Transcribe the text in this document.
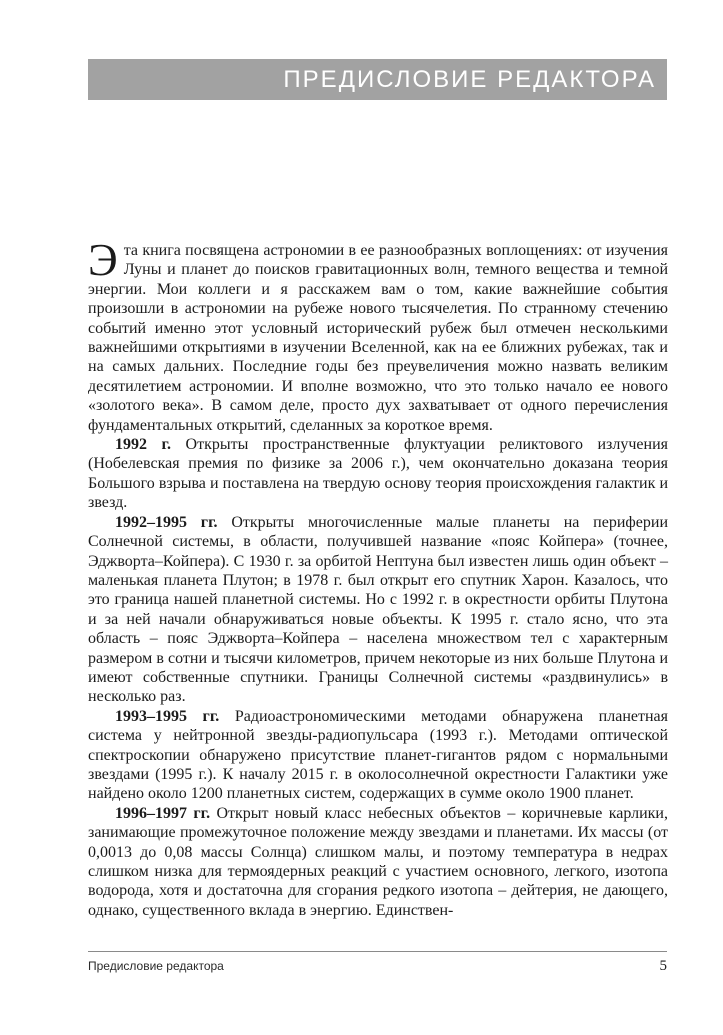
ПРЕДИСЛОВИЕ РЕДАКТОРА

Э та книга посвящена астрономии в ее разнообразных воплощениях: от изучения Луны и планет до поисков гравитационных волн, темного вещества и темной энергии. Мои коллеги и я расскажем вам о том, какие важнейшие события произошли в астрономии на рубеже нового тысячелетия. По странному стечению событий именно этот условный исторический рубеж был отмечен несколькими важнейшими открытиями в изучении Вселенной, как на ее ближних рубежах, так и на самых дальних. Последние годы без преувеличения можно назвать великим десятилетием астрономии. И вполне возможно, что это только начало ее нового «золотого века». В самом деле, просто дух захватывает от одного перечисления фундаментальных открытий, сделанных за короткое время.

1992 г. Открыты пространственные флуктуации реликтового излучения (Нобелевская премия по физике за 2006 г.), чем окончательно доказана теория Большого взрыва и поставлена на твердую основу теория происхождения галактик и звезд.

1992–1995 гг. Открыты многочисленные малые планеты на периферии Солнечной системы, в области, получившей название «пояс Койпера» (точнее, Эджворта–Койпера). С 1930 г. за орбитой Нептуна был известен лишь один объект – маленькая планета Плутон; в 1978 г. был открыт его спутник Харон. Казалось, что это граница нашей планетной системы. Но с 1992 г. в окрестности орбиты Плутона и за ней начали обнаруживаться новые объекты. К 1995 г. стало ясно, что эта область – пояс Эджворта–Койпера – населена множеством тел с характерным размером в сотни и тысячи километров, причем некоторые из них больше Плутона и имеют собственные спутники. Границы Солнечной системы «раздвинулись» в несколько раз.

1993–1995 гг. Радиоастрономическими методами обнаружена планетная система у нейтронной звезды-радиопульсара (1993 г.). Методами оптической спектроскопии обнаружено присутствие планет-гигантов рядом с нормальными звездами (1995 г.). К началу 2015 г. в околосолнечной окрестности Галактики уже найдено около 1200 планетных систем, содержащих в сумме около 1900 планет.

1996–1997 гг. Открыт новый класс небесных объектов – коричневые карлики, занимающие промежуточное положение между звездами и планетами. Их массы (от 0,0013 до 0,08 массы Солнца) слишком малы, и поэтому температура в недрах слишком низка для термоядерных реакций с участием основного, легкого, изотопа водорода, хотя и достаточна для сгорания редкого изотопа – дейтерия, не дающего, однако, существенного вклада в энергию. Единствен-

Предисловие редактора	5
